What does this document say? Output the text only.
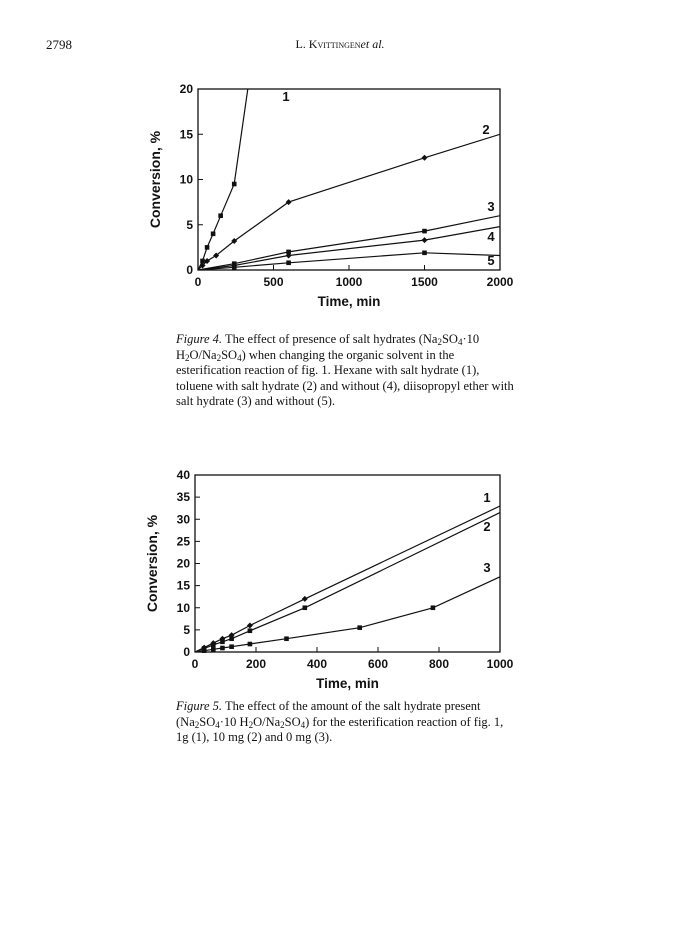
2798	L. Kvittingenet al.
0	500	1000	1500	2000
0
5
10
15
20
Time, min
Conversion, %
1
2
3
4
5
Figure 4. The effect of presence of salt hydrates ($Na_2SO_4\cdot 10$ $H_2O/Na_2SO_4$) when changing the organic solvent in the esterification reaction of fig. 1. Hexane with salt hydrate (1), toluene with salt hydrate (2) and without (4), diisopropyl ether with salt hydrate (3) and without (5).
0	200	400	600	800	1000
0
5
10
15
20
25
30
35
40
Time, min
Conversion, %
1
2
3
Figure 5. The effect of the amount of the salt hydrate present ($Na_2SO_4\cdot 10$ $H_2O/Na_2SO_4$) for the esterification reaction of fig. 1, 1g (1), 10 mg (2) and 0 mg (3).
